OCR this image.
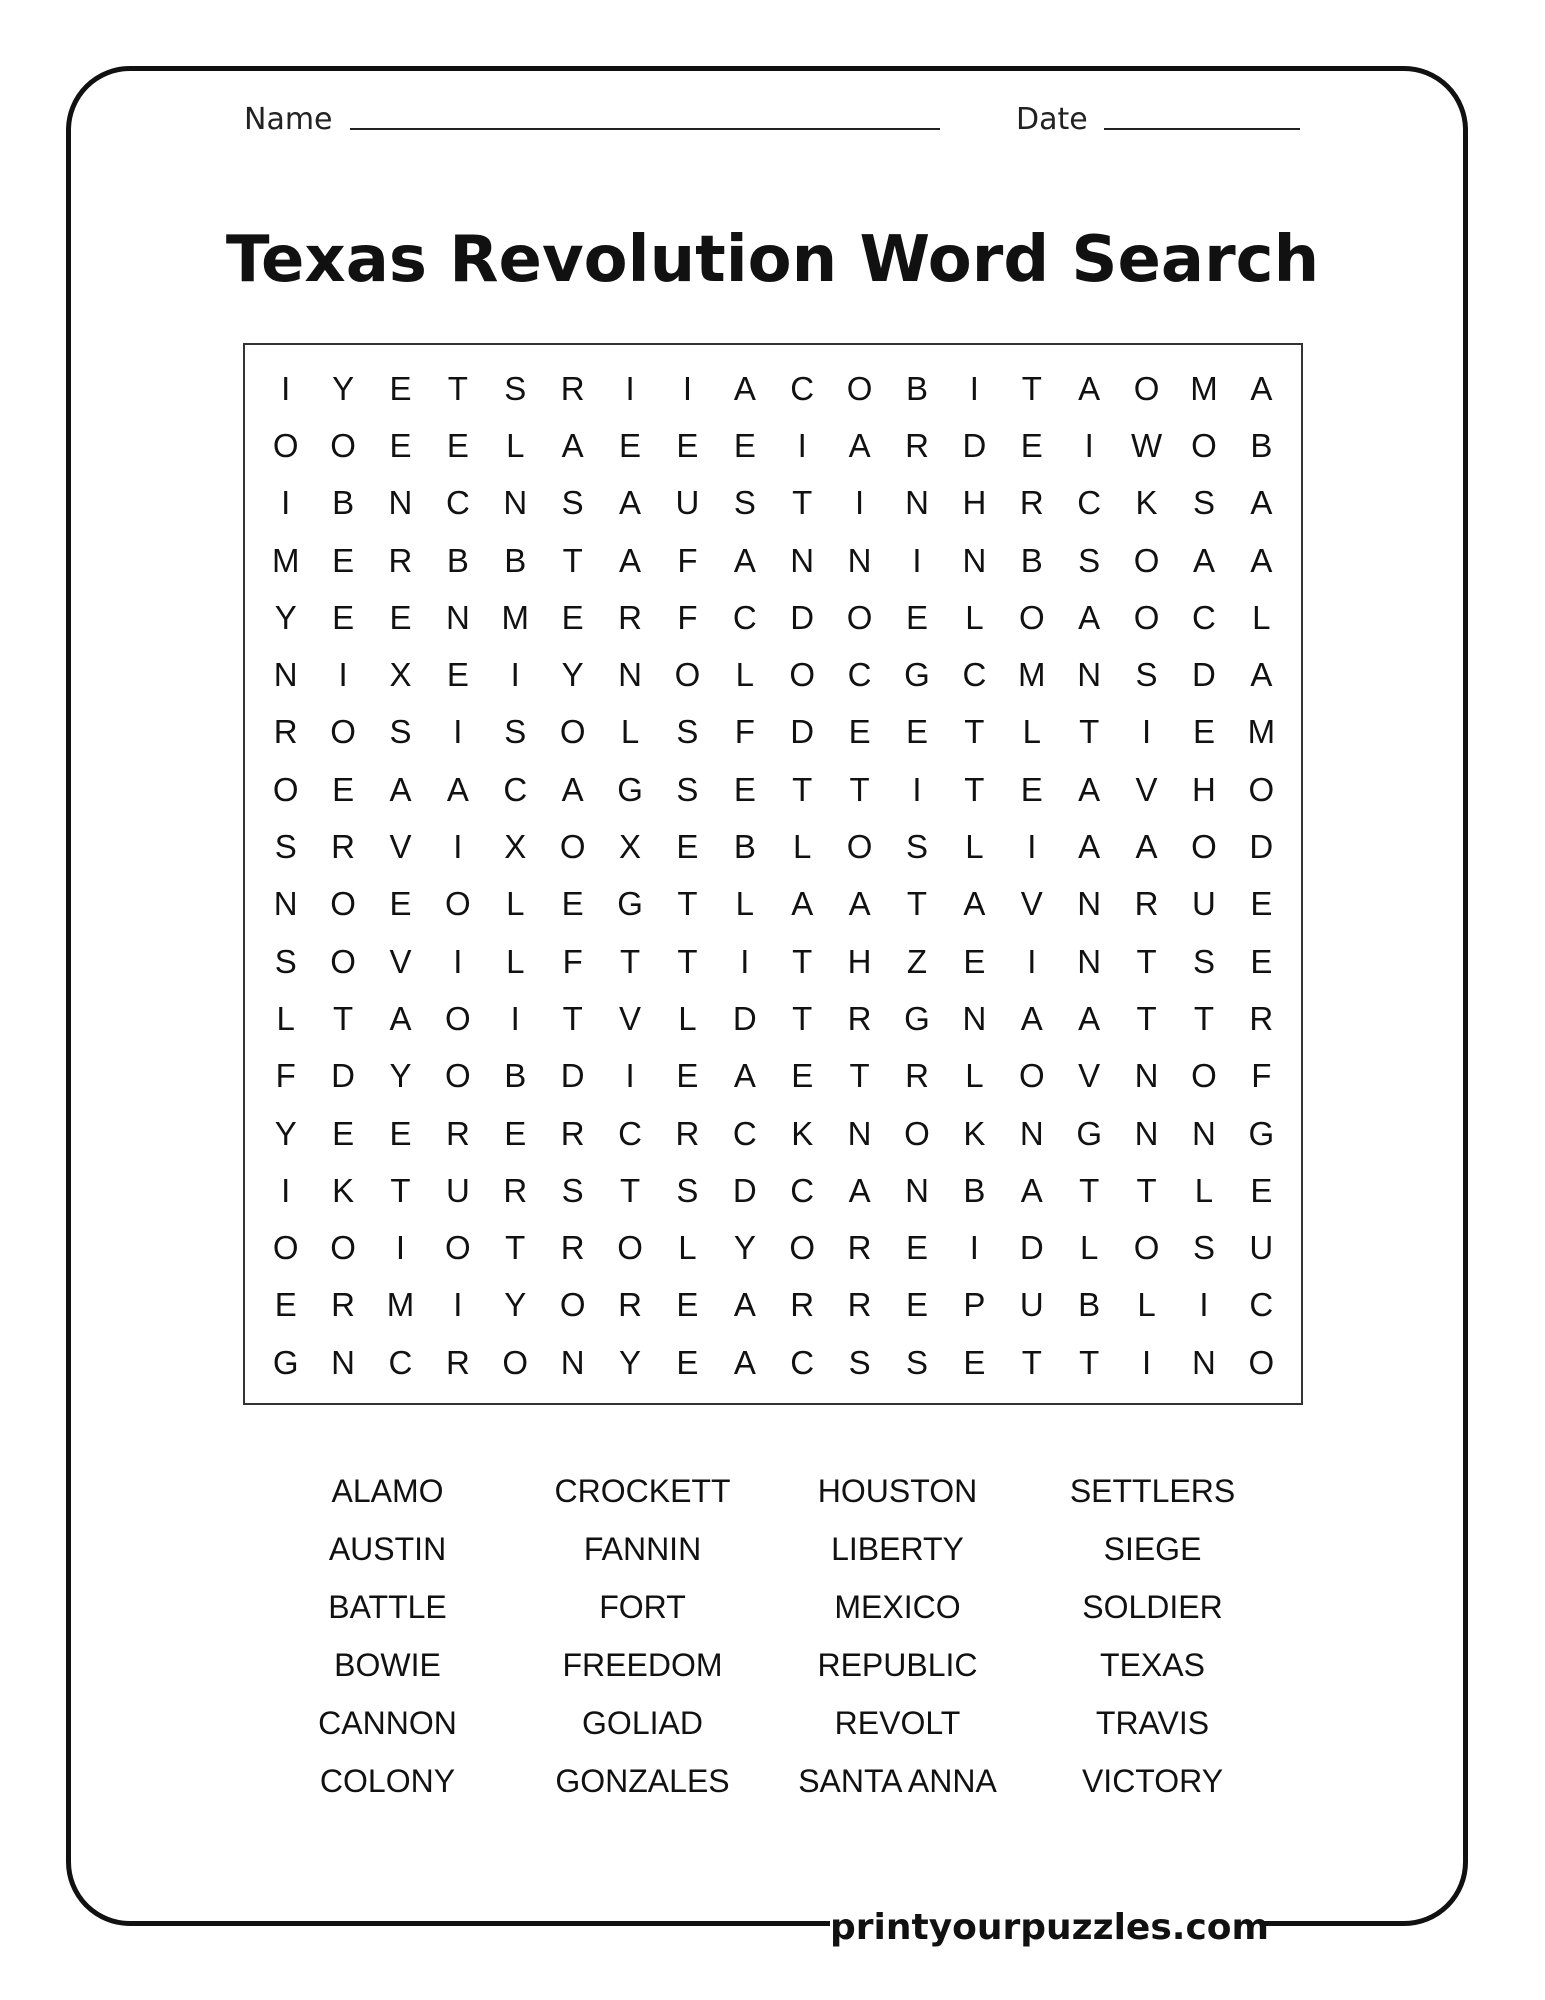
printyourpuzzles.com
Name	Date
Texas Revolution Word Search
I	Y	E	T	S	R	I	I	A	C O	B	I	T	A	O M A
O O	E	E	L	A	E	E	E	I	A	R	D	E	I	W O	B
I	B	N	C	N	S	A	U	S	T	I	N	H	R	C	K	S	A
M E	R	B	B	T	A	F	A	N	N	I	N	B	S	O	A	A
Y	E	E	N M E	R	F	C	D O	E	L	O	A	O C	L
N	I	X	E	I	Y	N O	L	O C G C M N	S	D	A
R O	S	I	S	O	L	S	F	D	E	E	T	L	T	I	E M
O	E	A	A	C	A	G	S	E	T	T	I	T	E	A	V	H O
S	R	V	I	X	O	X	E	B	L	O	S	L	I	A	A	O D
N O	E	O	L	E	G	T	L	A	A	T	A	V	N	R	U	E
S	O	V	I	L	F	T	T	I	T	H	Z	E	I	N	T	S	E
L	T	A	O	I	T	V	L	D	T	R G N	A	A	T	T	R
F	D	Y	O	B	D	I	E	A	E	T	R	L	O	V	N O	F
Y	E	E	R	E	R	C	R	C	K	N O	K	N G N	N G
I	K	T	U	R	S	T	S	D	C	A	N	B	A	T	T	L	E
O O	I	O	T	R O	L	Y	O R	E	I	D	L	O	S	U
E	R M	I	Y	O R	E	A	R	R	E	P	U	B	L	I	C
G N	C	R O N	Y	E	A	C	S	S	E	T	T	I	N O
ALAMO	CROCKETT	HOUSTON	SETTLERS
AUSTIN	FANNIN	LIBERTY	SIEGE
BATTLE	FORT	MEXICO	SOLDIER
BOWIE	FREEDOM	REPUBLIC	TEXAS
CANNON	GOLIAD	REVOLT	TRAVIS
COLONY	GONZALES	SANTA ANNA	VICTORY
